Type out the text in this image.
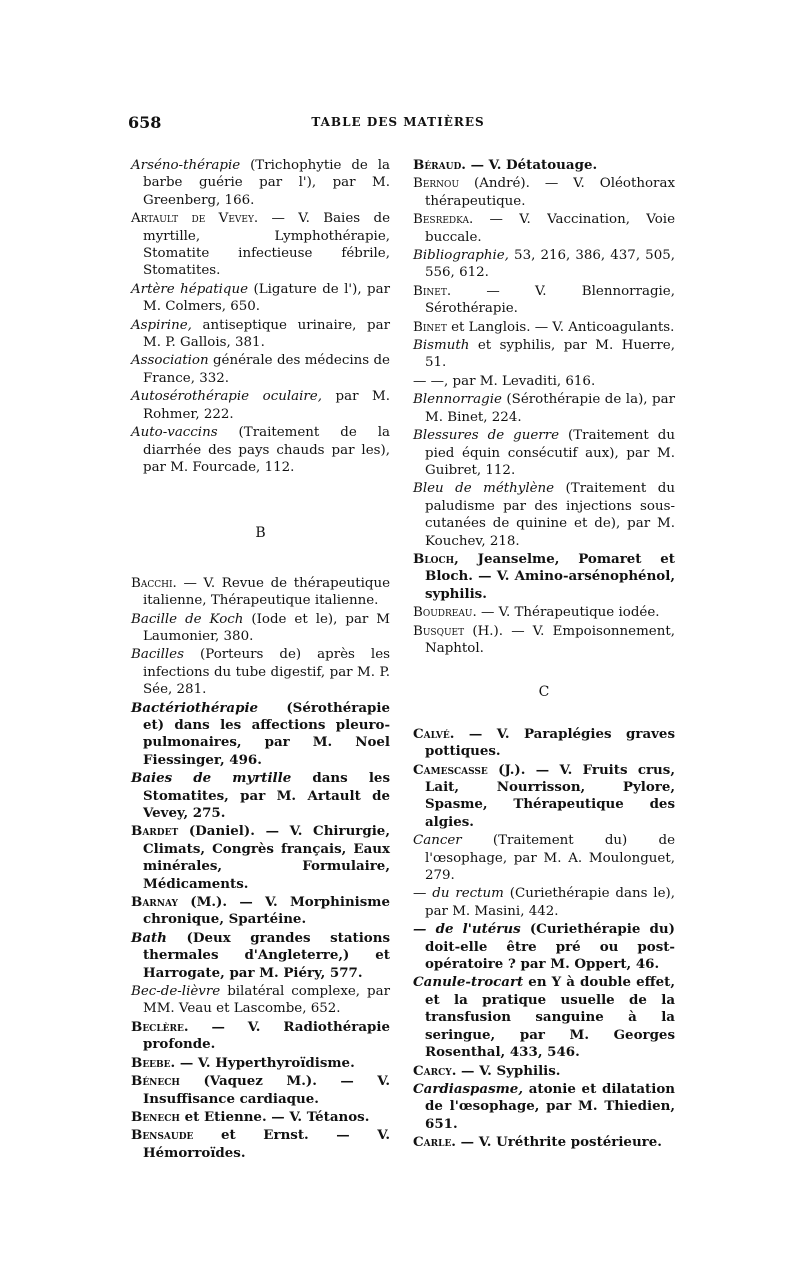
658	TABLE DES MATIÈRES

Arséno-thérapie (Trichophytie de la barbe guérie par l'), par M. Greenberg, 166.

Artault de Vevey. — V. Baies de myrtille, Lymphothérapie, Stomatite infectieuse fébrile, Stomatites.

Artère hépatique (Ligature de l'), par M. Colmers, 650.

Aspirine, antiseptique urinaire, par M. P. Gallois, 381.

Association générale des médecins de France, 332.

Autosérothérapie oculaire, par M. Rohmer, 222.

Auto-vaccins (Traitement de la diarrhée des pays chauds par les), par M. Fourcade, 112.

B

Bacchi. — V. Revue de thérapeutique italienne, Thérapeutique italienne.

Bacille de Koch (Iode et le), par M Laumonier, 380.

Bacilles (Porteurs de) après les infections du tube digestif, par M. P. Sée, 281.

Bactériothérapie (Sérothérapie et) dans les affections pleuro-pulmonaires, par M. Noel Fiessinger, 496.

Baies de myrtille dans les Stomatites, par M. Artault de Vevey, 275.

Bardet (Daniel). — V. Chirurgie, Climats, Congrès français, Eaux minérales, Formulaire, Médicaments.

Barnay (M.). — V. Morphinisme chronique, Spartéine.

Bath (Deux grandes stations thermales d'Angleterre,) et Harrogate, par M. Piéry, 577.

Bec-de-lièvre bilatéral complexe, par MM. Veau et Lascombe, 652.

Beclère. — V. Radiothérapie profonde.

Beebe. — V. Hyperthyroïdisme.

Bénech (Vaquez M.). — V. Insuffisance cardiaque.

Benech et Etienne. — V. Tétanos.

Bensaude et Ernst. — V. Hémorroïdes.

Béraud. — V. Détatouage.

Bernou (André). — V. Oléothorax thérapeutique.

Besredka. — V. Vaccination, Voie buccale.

Bibliographie, 53, 216, 386, 437, 505, 556, 612.

Binet. — V. Blennorragie, Sérothérapie.

Binet et Langlois. — V. Anticoagulants.

Bismuth et syphilis, par M. Huerre, 51.

— —, par M. Levaditi, 616.

Blennorragie (Sérothérapie de la), par M. Binet, 224.

Blessures de guerre (Traitement du pied équin consécutif aux), par M. Guibret, 112.

Bleu de méthylène (Traitement du paludisme par des injections sous-cutanées de quinine et de), par M. Kouchev, 218.

Bloch, Jeanselme, Pomaret et Bloch. — V. Amino-arsénophénol, syphilis.

Boudreau. — V. Thérapeutique iodée.

Busquet (H.). — V. Empoisonnement, Naphtol.

C

Calvé. — V. Paraplégies graves pottiques.

Camescasse (J.). — V. Fruits crus, Lait, Nourrisson, Pylore, Spasme, Thérapeutique des algies.

Cancer (Traitement du) de l'œsophage, par M. A. Moulonguet, 279.

— du rectum (Curiethérapie dans le), par M. Masini, 442.

— de l'utérus (Curiethérapie du) doit-elle être pré ou post-opératoire ? par M. Oppert, 46.

Canule-trocart en Y à double effet, et la pratique usuelle de la transfusion sanguine à la seringue, par M. Georges Rosenthal, 433, 546.

Carcy. — V. Syphilis.

Cardiaspasme, atonie et dilatation de l'œsophage, par M. Thiedien, 651.

Carle. — V. Uréthrite postérieure.
